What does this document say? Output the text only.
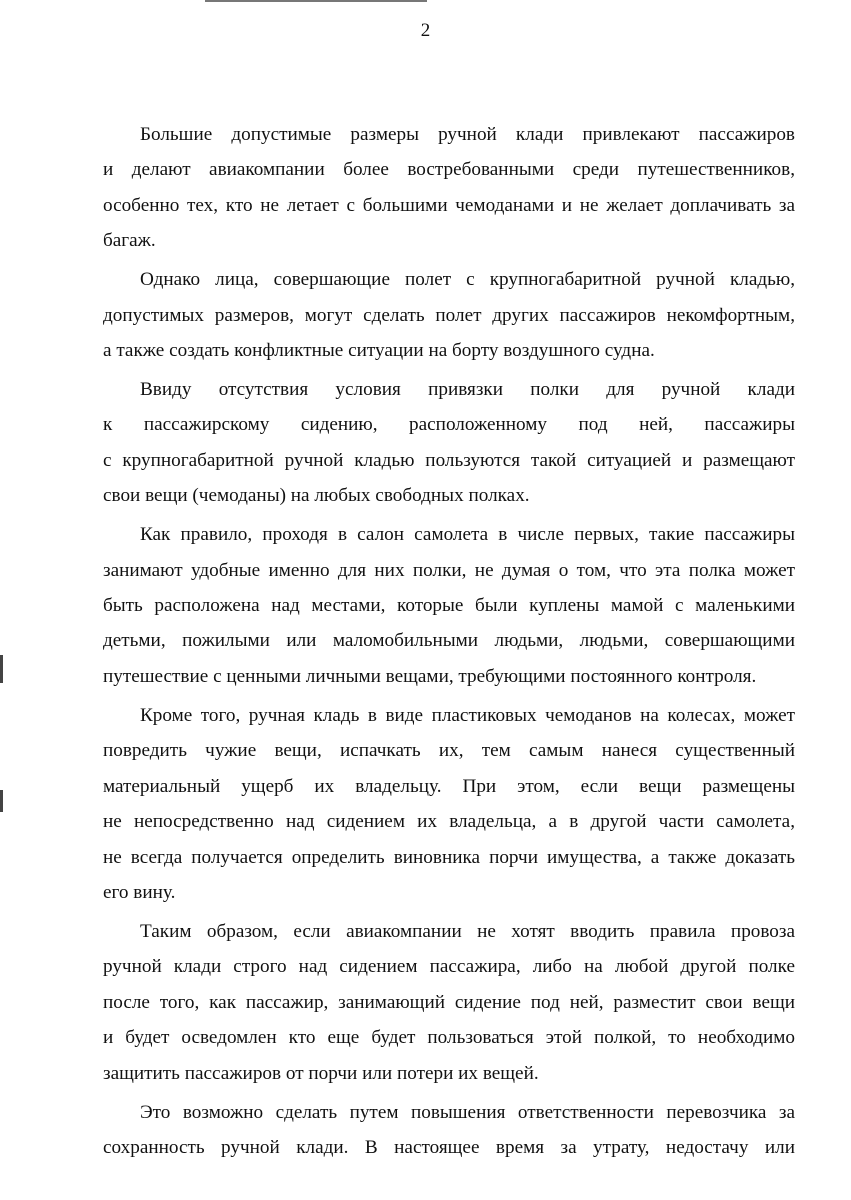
2
Большие допустимые размеры ручной клади привлекают пассажиров
и делают авиакомпании более востребованными среди путешественников,
особенно тех, кто не летает с большими чемоданами и не желает доплачивать за
багаж.
Однако лица, совершающие полет с крупногабаритной ручной кладью,
допустимых размеров, могут сделать полет других пассажиров некомфортным,
а также создать конфликтные ситуации на борту воздушного судна.
Ввиду отсутствия условия привязки полки для ручной клади
к пассажирскому сидению, расположенному под ней, пассажиры
с крупногабаритной ручной кладью пользуются такой ситуацией и размещают
свои вещи (чемоданы) на любых свободных полках.
Как правило, проходя в салон самолета в числе первых, такие пассажиры
занимают удобные именно для них полки, не думая о том, что эта полка может
быть расположена над местами, которые были куплены мамой с маленькими
детьми, пожилыми или маломобильными людьми, людьми, совершающими
путешествие с ценными личными вещами, требующими постоянного контроля.
Кроме того, ручная кладь в виде пластиковых чемоданов на колесах, может
повредить чужие вещи, испачкать их, тем самым нанеся существенный
материальный ущерб их владельцу. При этом, если вещи размещены
не непосредственно над сидением их владельца, а в другой части самолета,
не всегда получается определить виновника порчи имущества, а также доказать
его вину.
Таким образом, если авиакомпании не хотят вводить правила провоза
ручной клади строго над сидением пассажира, либо на любой другой полке
после того, как пассажир, занимающий сидение под ней, разместит свои вещи
и будет осведомлен кто еще будет пользоваться этой полкой, то необходимо
защитить пассажиров от порчи или потери их вещей.
Это возможно сделать путем повышения ответственности перевозчика за
сохранность ручной клади. В настоящее время за утрату, недостачу или
